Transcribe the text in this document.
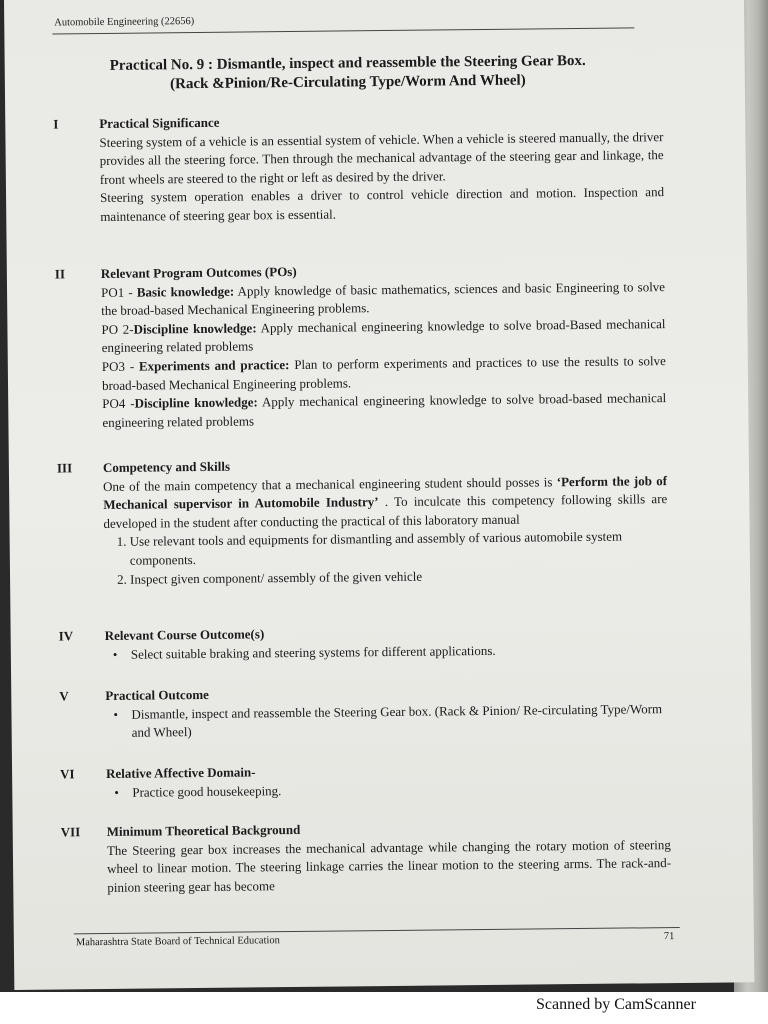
Automobile Engineering (22656)
Practical No. 9 : Dismantle, inspect and reassemble the Steering Gear Box.
(Rack &Pinion/Re-Circulating Type/Worm And Wheel)
I	Practical Significance

Steering system of a vehicle is an essential system of vehicle. When a vehicle is steered manually, the driver provides all the steering force. Then through the mechanical advantage of the steering gear and linkage, the front wheels are steered to the right or left as desired by the driver.

Steering system operation enables a driver to control vehicle direction and motion. Inspection and maintenance of steering gear box is essential.

II	Relevant Program Outcomes (POs)

PO1 - Basic knowledge: Apply knowledge of basic mathematics, sciences and basic Engineering to solve the broad-based Mechanical Engineering problems.

PO 2-Discipline knowledge: Apply mechanical engineering knowledge to solve broad-Based mechanical engineering related problems

PO3 - Experiments and practice: Plan to perform experiments and practices to use the results to solve broad-based Mechanical Engineering problems.

PO4 -Discipline knowledge: Apply mechanical engineering knowledge to solve broad-based mechanical engineering related problems

III	Competency and Skills

One of the main competency that a mechanical engineering student should posses is ‘Perform the job of Mechanical supervisor in Automobile Industry’ . To inculcate this competency following skills are developed in the student after conducting the practical of this laboratory manual

1. Use relevant tools and equipments for dismantling and assembly of various automobile system components.
2. Inspect given component/ assembly of the given vehicle
IV	Relevant Course Outcome(s)
• Select suitable braking and steering systems for different applications.
V	Practical Outcome
• Dismantle, inspect and reassemble the Steering Gear box. (Rack & Pinion/ Re-circulating Type/Worm and Wheel)
VI	Relative Affective Domain-
• Practice good housekeeping.
VII	Minimum Theoretical Background

The Steering gear box increases the mechanical advantage while changing the rotary motion of steering wheel to linear motion. The steering linkage carries the linear motion to the steering arms. The rack-and-pinion steering gear has become

Maharashtra State Board of Technical Education	71
Scanned by CamScanner
